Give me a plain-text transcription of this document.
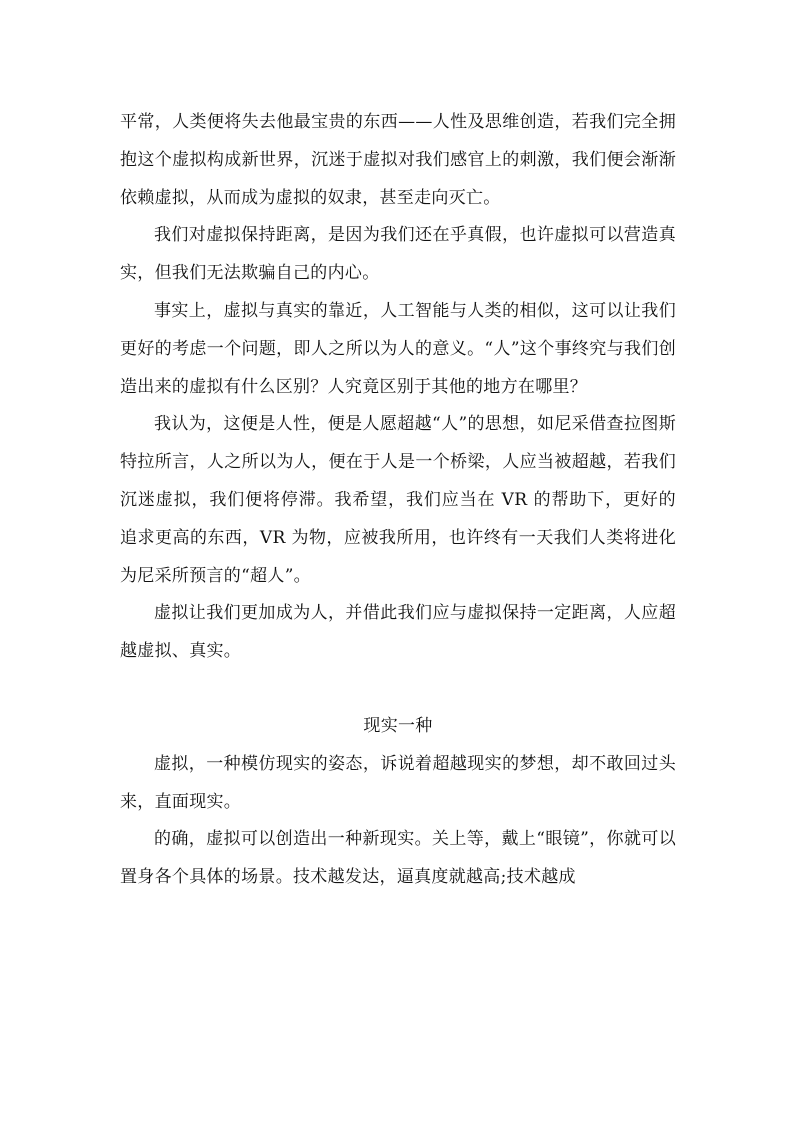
平常，人类便将失去他最宝贵的东西——人性及思维创造，若我们完全拥抱这个虚拟构成新世界，沉迷于虚拟对我们感官上的刺激，我们便会渐渐依赖虚拟，从而成为虚拟的奴隶，甚至走向灭亡。

我们对虚拟保持距离，是因为我们还在乎真假，也许虚拟可以营造真实，但我们无法欺骗自己的内心。

事实上，虚拟与真实的靠近，人工智能与人类的相似，这可以让我们更好的考虑一个问题，即人之所以为人的意义。“人”这个事终究与我们创造出来的虚拟有什么区别？人究竟区别于其他的地方在哪里？

我认为，这便是人性，便是人愿超越“人”的思想，如尼采借查拉图斯特拉所言，人之所以为人，便在于人是一个桥梁，人应当被超越，若我们沉迷虚拟，我们便将停滞。我希望，我们应当在 VR 的帮助下，更好的追求更高的东西，VR 为物，应被我所用，也许终有一天我们人类将进化为尼采所预言的“超人”。

虚拟让我们更加成为人，并借此我们应与虚拟保持一定距离，人应超越虚拟、真实。

现实一种

虚拟，一种模仿现实的姿态，诉说着超越现实的梦想，却不敢回过头来，直面现实。

的确，虚拟可以创造出一种新现实。关上等，戴上“眼镜”，你就可以置身各个具体的场景。技术越发达，逼真度就越高;技术越成
